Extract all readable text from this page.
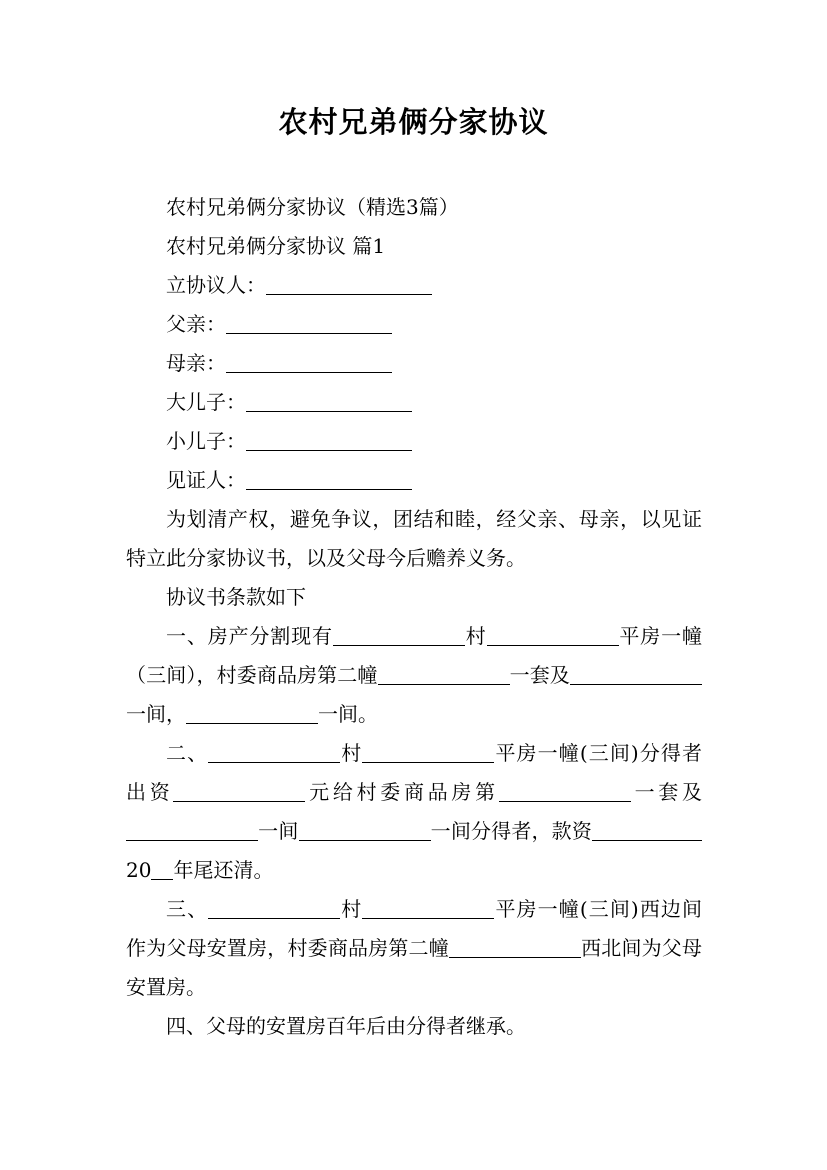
农村兄弟俩分家协议

农村兄弟俩分家协议（精选3篇）

农村兄弟俩分家协议 篇1

立协议人：

父亲：

母亲：

大儿子：

小儿子：

见证人：

为划清产权，避免争议，团结和睦，经父亲、母亲，以见证特立此分家协议书，以及父母今后赡养义务。

协议书条款如下

一、房产分割现有	村	平房一幢（三间），村委商品房第二幢	一套及一间，	一间。

二、	村	平房一幢(三间)分得者出资	元给村委商品房第	一套及一间	一间分得者，款资20 年尾还清。

三、	村	平房一幢(三间)西边间作为父母安置房，村委商品房第二幢	西北间为父母安置房。

四、父母的安置房百年后由分得者继承。
